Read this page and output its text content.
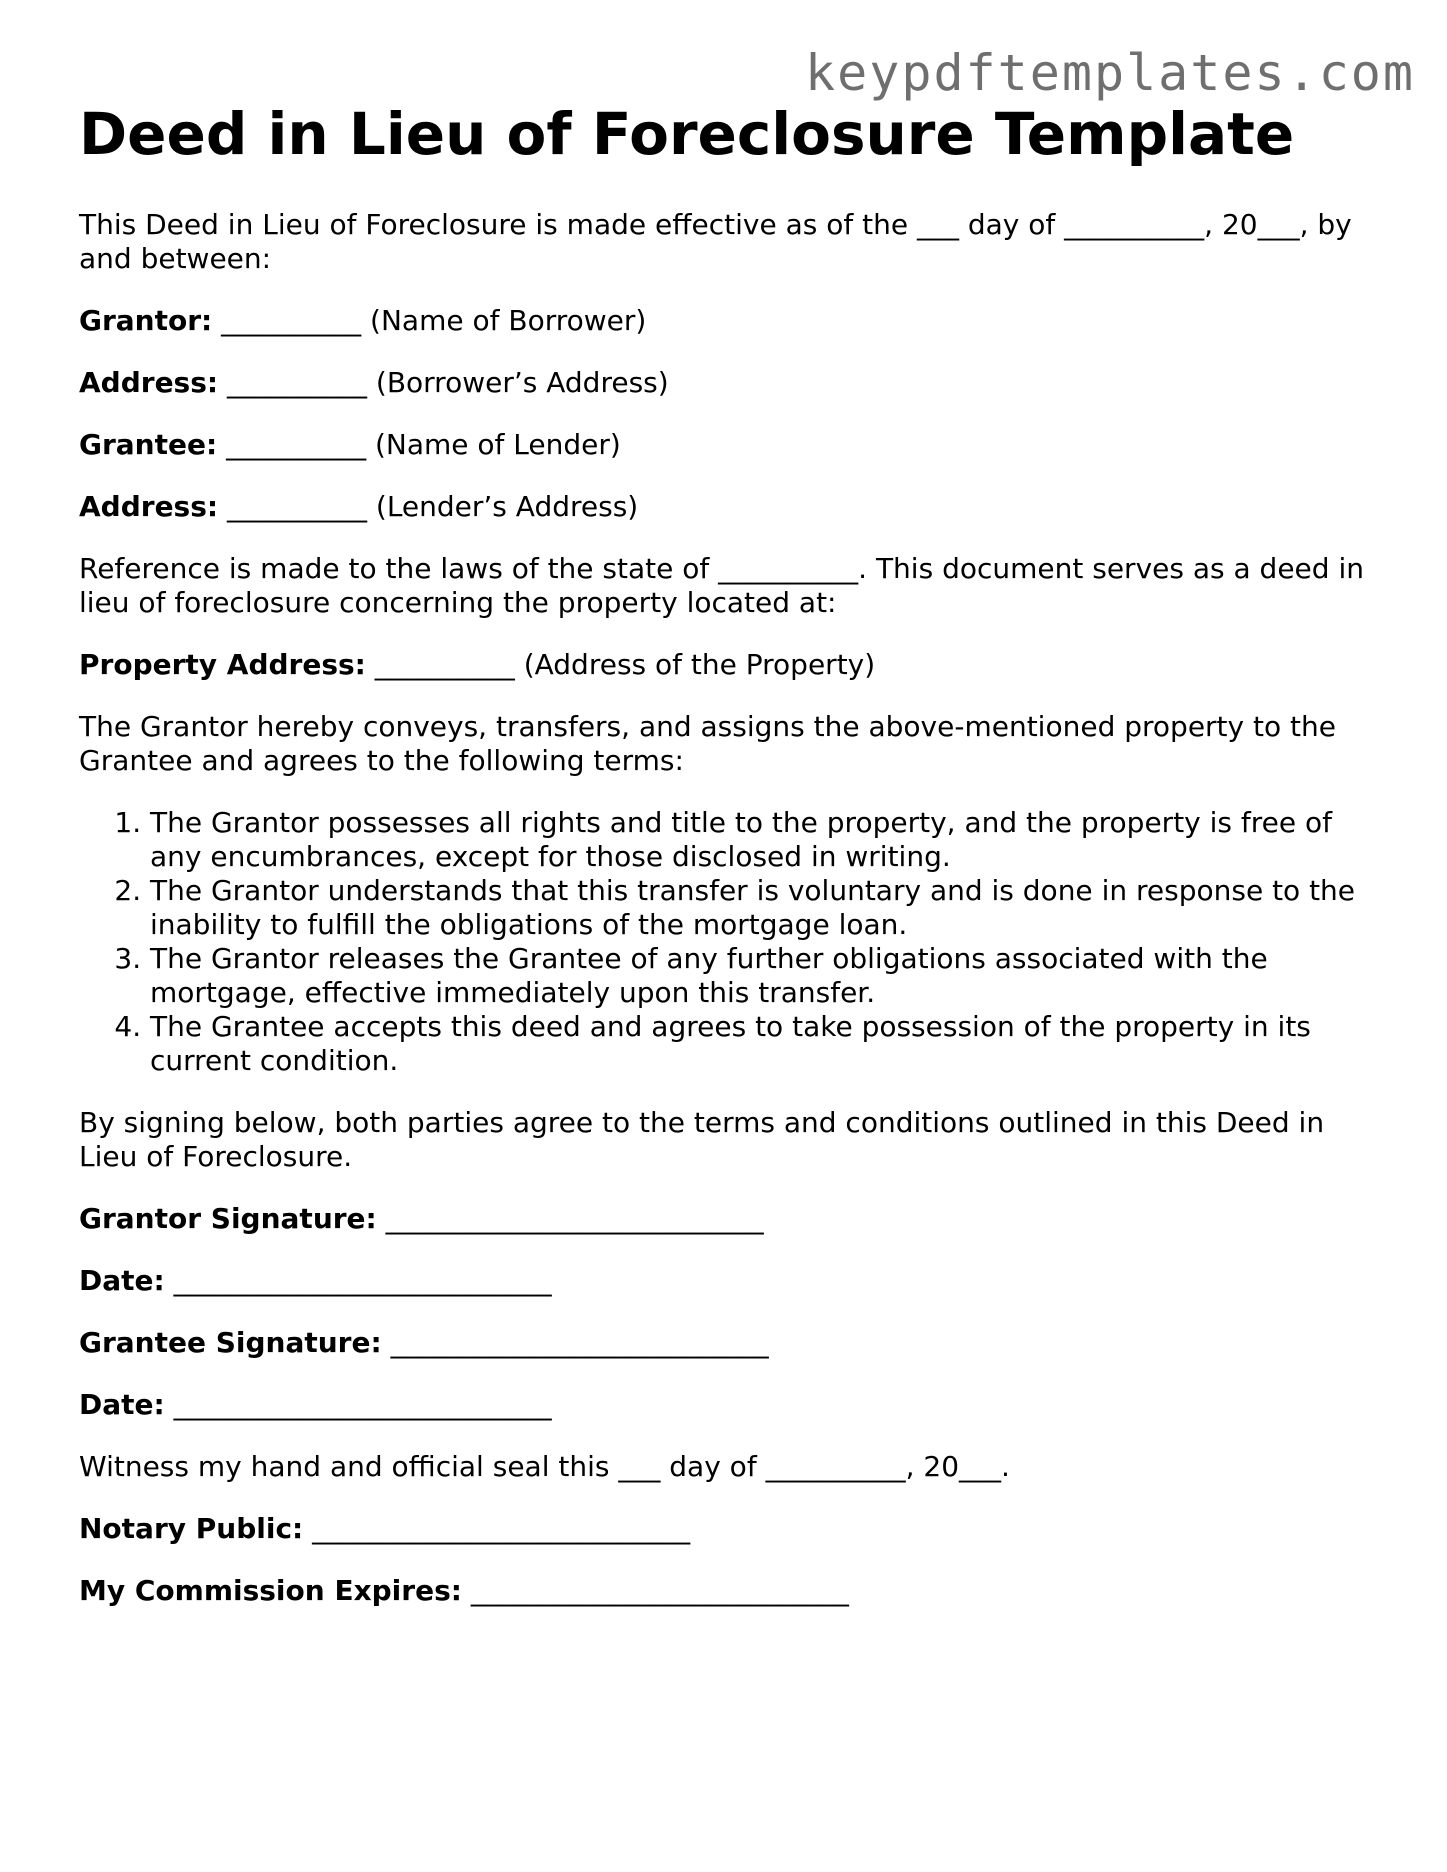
keypdftemplates.com
Deed in Lieu of Foreclosure Template

This Deed in Lieu of Foreclosure is made effective as of the ___ day of __________, 20___, by and between:

Grantor: __________ (Name of Borrower)

Address: __________ (Borrower’s Address)

Grantee: __________ (Name of Lender)

Address: __________ (Lender’s Address)

Reference is made to the laws of the state of __________. This document serves as a deed in lieu of foreclosure concerning the property located at:

Property Address: __________ (Address of the Property)

The Grantor hereby conveys, transfers, and assigns the above-mentioned property to the Grantee and agrees to the following terms:

1. The Grantor possesses all rights and title to the property, and the property is free of any encumbrances, except for those disclosed in writing.
2. The Grantor understands that this transfer is voluntary and is done in response to the inability to fulfill the obligations of the mortgage loan.
3. The Grantor releases the Grantee of any further obligations associated with the mortgage, effective immediately upon this transfer.
4. The Grantee accepts this deed and agrees to take possession of the property in its current condition.

By signing below, both parties agree to the terms and conditions outlined in this Deed in Lieu of Foreclosure.

Grantor Signature: ___________________________

Date: ___________________________

Grantee Signature: ___________________________

Date: ___________________________

Witness my hand and official seal this ___ day of __________, 20___.

Notary Public: ___________________________

My Commission Expires: ___________________________
